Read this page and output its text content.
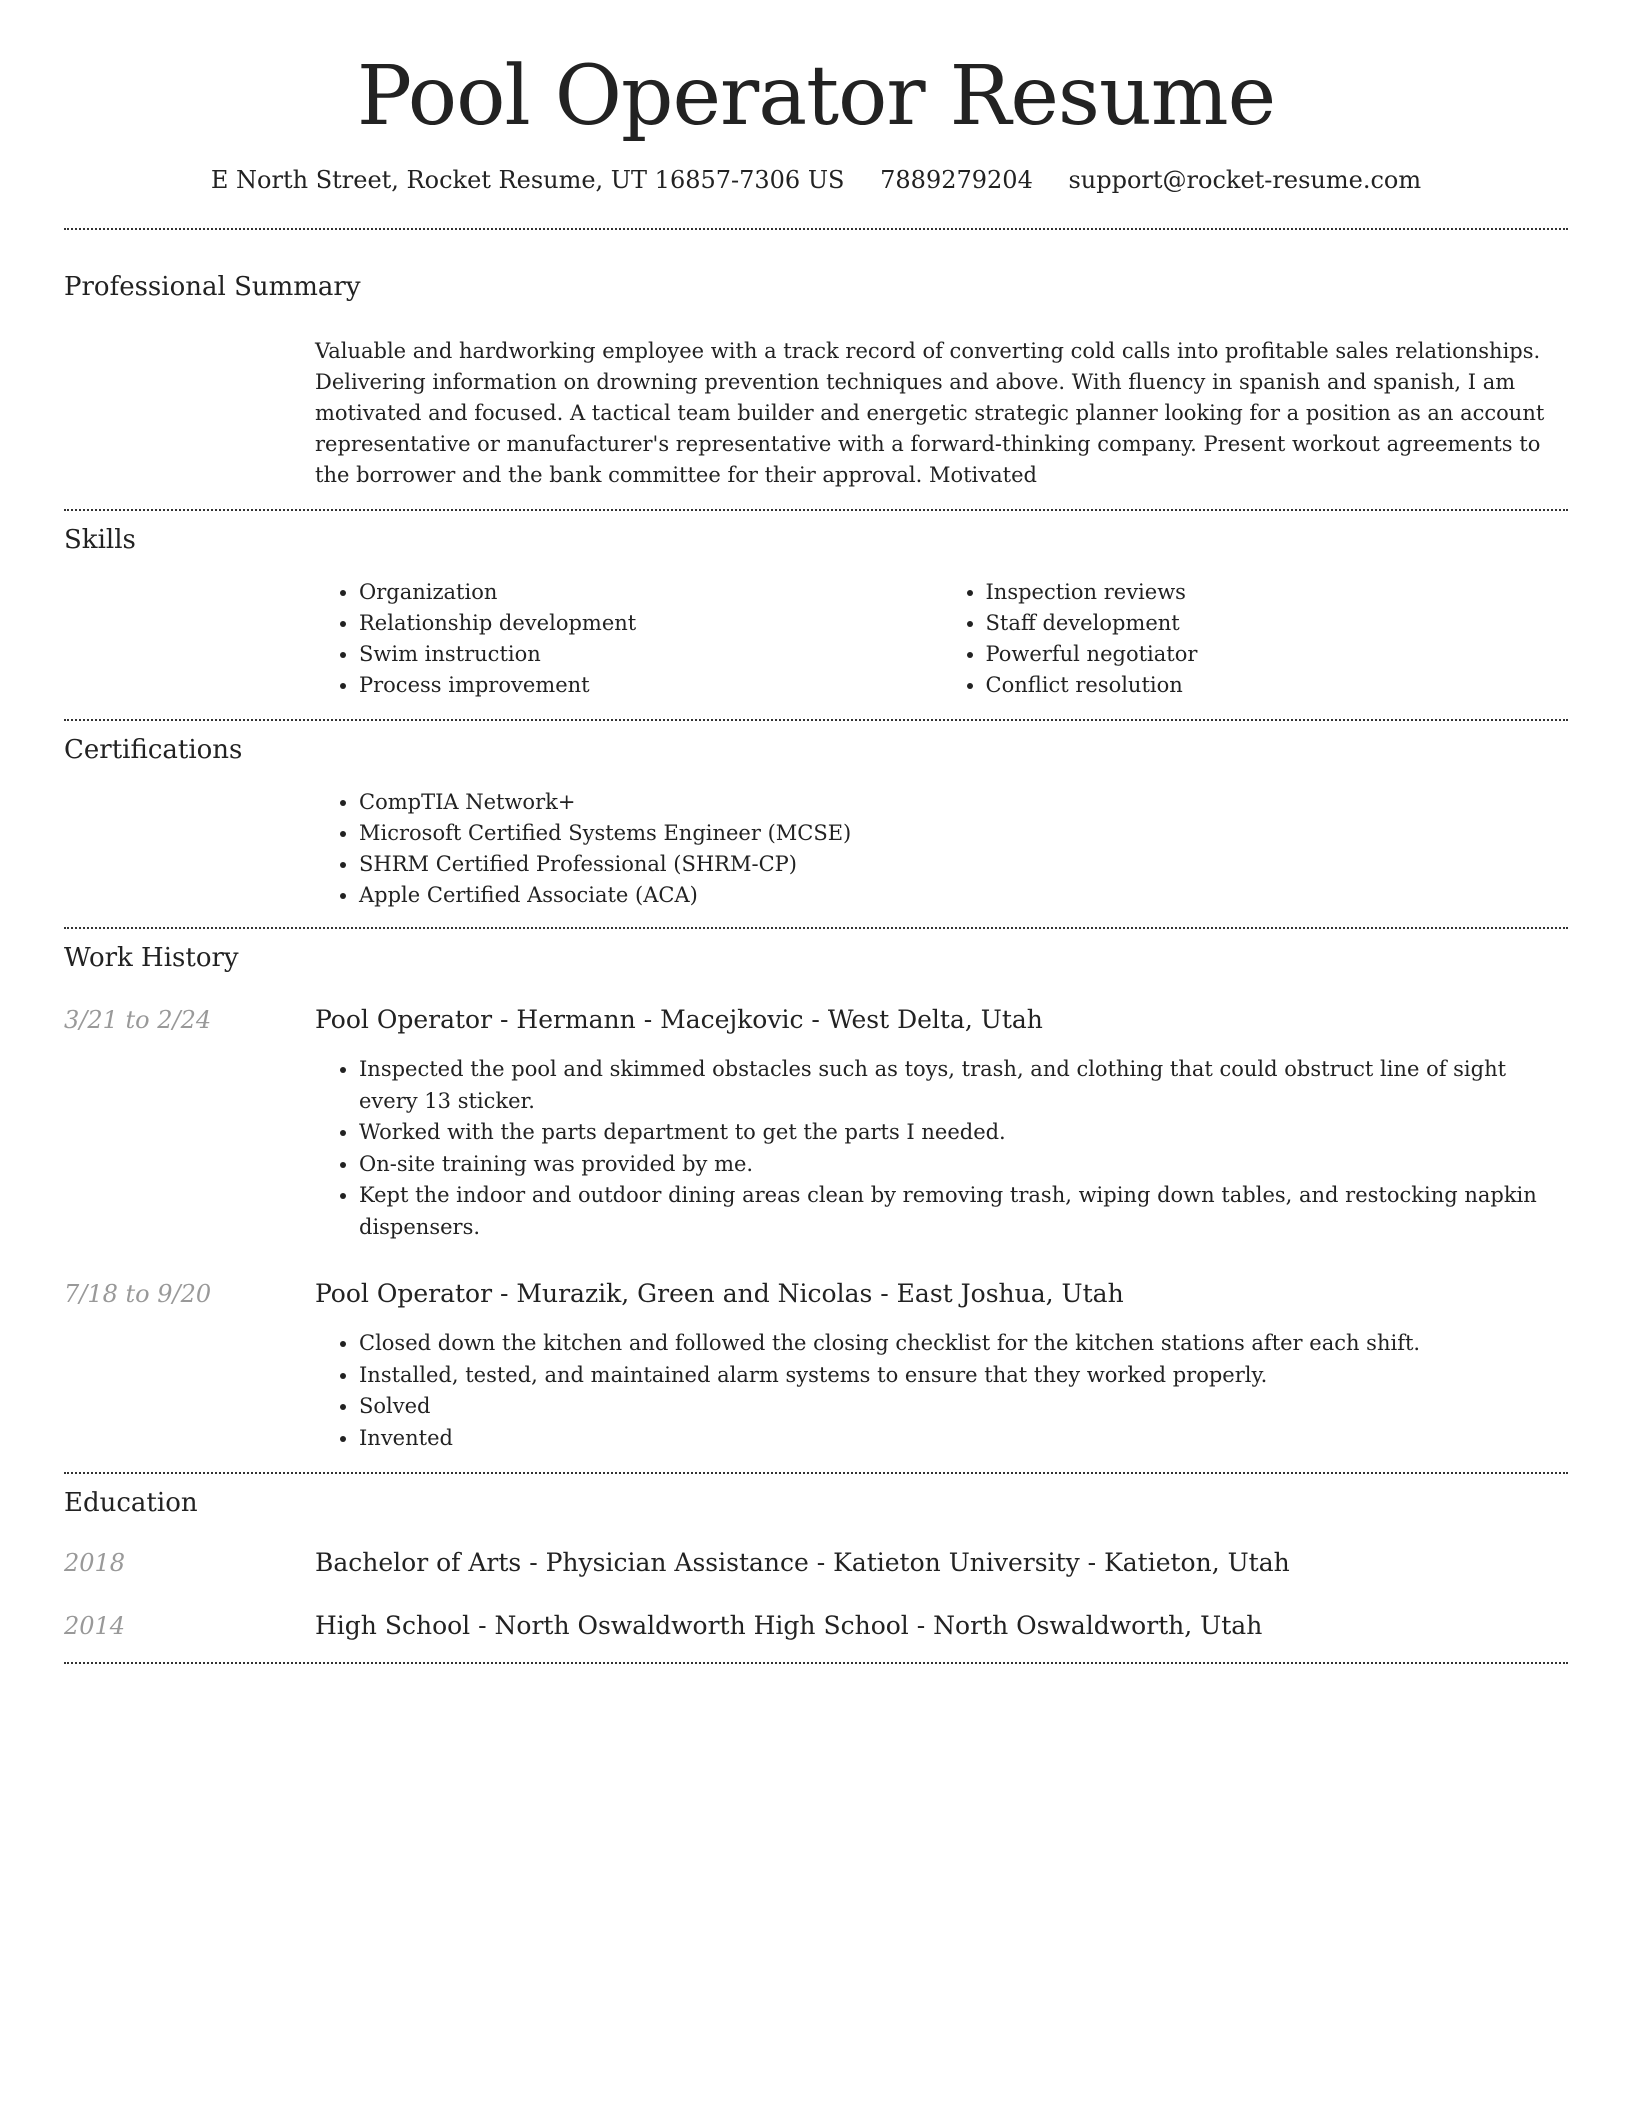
Pool Operator Resume
E North Street, Rocket Resume, UT 16857-7306 US 7889279204 support@rocket-resume.com
Professional Summary
Valuable and hardworking employee with a track record of converting cold calls into profitable sales relationships. Delivering information on drowning prevention techniques and above. With fluency in spanish and spanish, I am motivated and focused. A tactical team builder and energetic strategic planner looking for a position as an account representative or manufacturer's representative with a forward-thinking company. Present workout agreements to the borrower and the bank committee for their approval. Motivated
Skills
• Organization
• Relationship development
• Swim instruction
• Process improvement
• Inspection reviews
• Staff development
• Powerful negotiator
• Conflict resolution
Certifications
• CompTIA Network+
• Microsoft Certified Systems Engineer (MCSE)
• SHRM Certified Professional (SHRM-CP)
• Apple Certified Associate (ACA)
Work History
3/21 to 2/24	Pool Operator - Hermann - Macejkovic - West Delta, Utah
• Inspected the pool and skimmed obstacles such as toys, trash, and clothing that could obstruct line of sight every 13 sticker.
• Worked with the parts department to get the parts I needed.
• On-site training was provided by me.
• Kept the indoor and outdoor dining areas clean by removing trash, wiping down tables, and restocking napkin dispensers.
7/18 to 9/20	Pool Operator - Murazik, Green and Nicolas - East Joshua, Utah
• Closed down the kitchen and followed the closing checklist for the kitchen stations after each shift.
• Installed, tested, and maintained alarm systems to ensure that they worked properly.
• Solved
• Invented
Education
2018	Bachelor of Arts - Physician Assistance - Katieton University - Katieton, Utah
2014	High School - North Oswaldworth High School - North Oswaldworth, Utah
